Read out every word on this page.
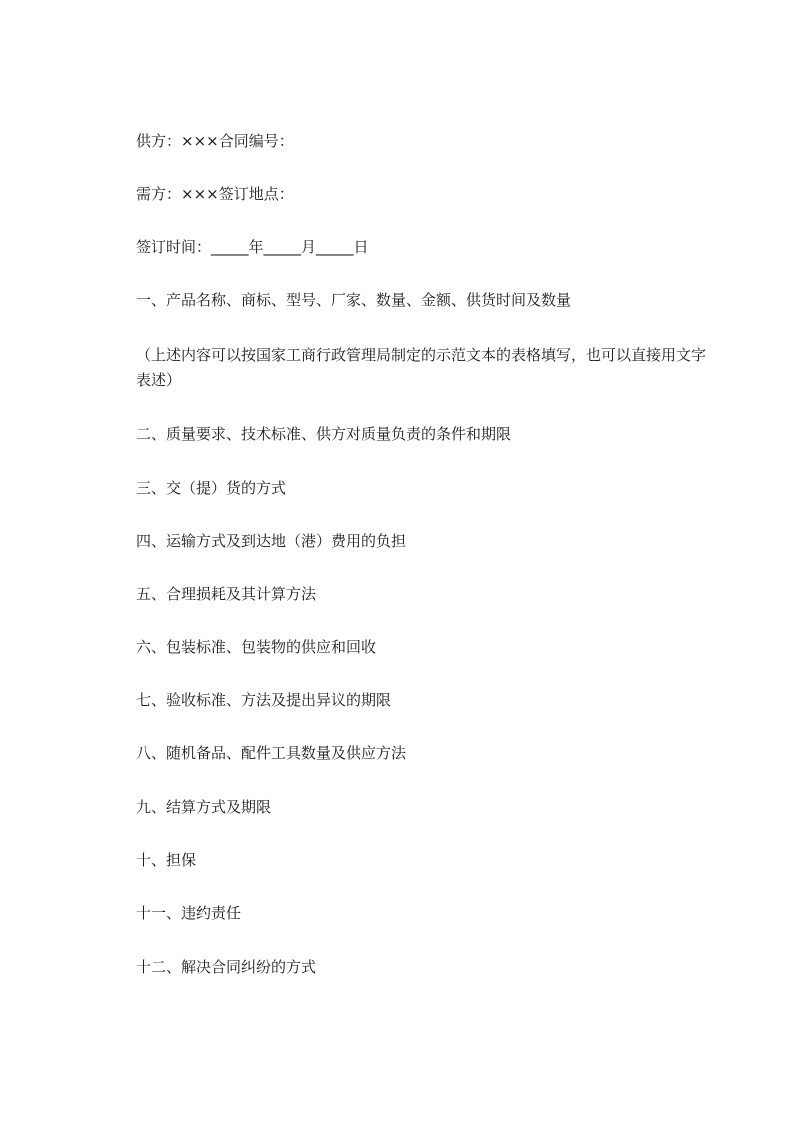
供方：×××合同编号：
需方：×××签订地点：
签订时间：_____年_____月_____日
一、产品名称、商标、型号、厂家、数量、金额、供货时间及数量
（上述内容可以按国家工商行政管理局制定的示范文本的表格填写，也可以直接用文字表述）
二、质量要求、技术标准、供方对质量负责的条件和期限
三、交（提）货的方式
四、运输方式及到达地（港）费用的负担
五、合理损耗及其计算方法
六、包装标准、包装物的供应和回收
七、验收标准、方法及提出异议的期限
八、随机备品、配件工具数量及供应方法
九、结算方式及期限
十、担保
十一、违约责任
十二、解决合同纠纷的方式
